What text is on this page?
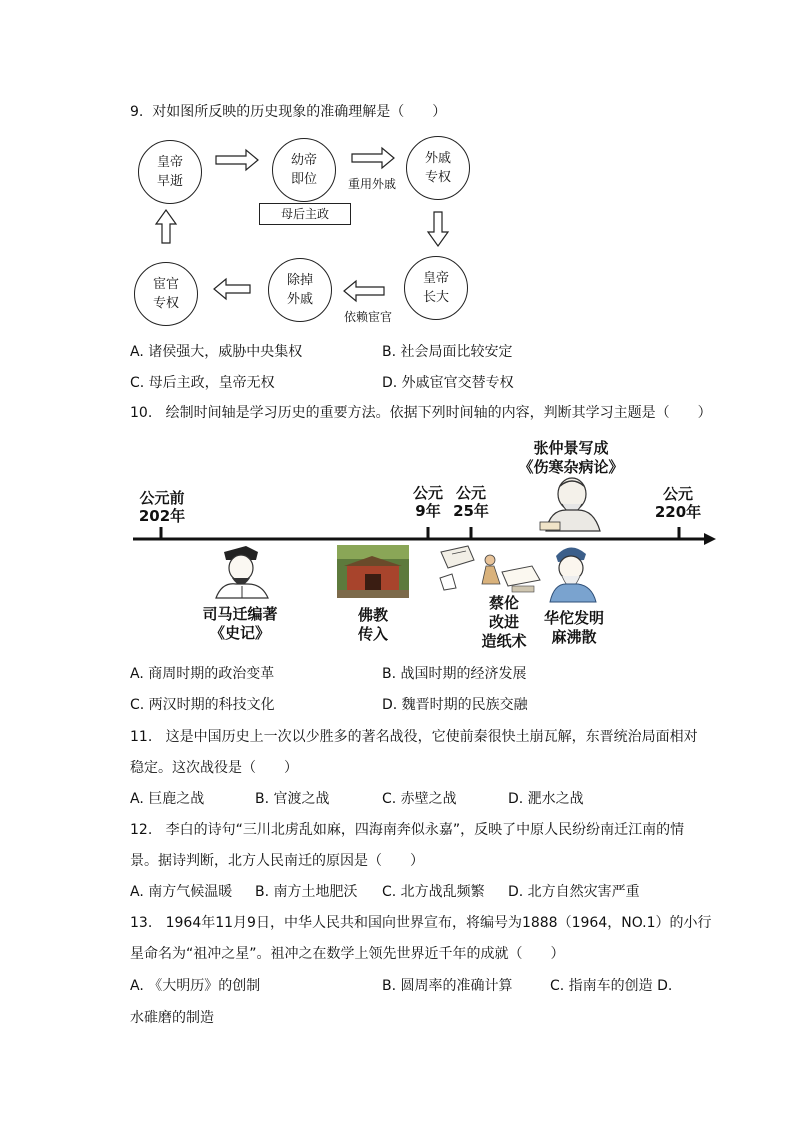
9.  对如图所反映的历史现象的准确理解是（　　）
皇帝
早逝
幼帝
即位
外戚
专权
皇帝
长大
除掉
外戚
宦官
专权
重用外戚
母后主政
依赖宦官
A. 诸侯强大，威胁中央集权	B. 社会局面比较安定
C. 母后主政，皇帝无权	D. 外戚宦官交替专权
10.   绘制时间轴是学习历史的重要方法。依据下列时间轴的内容，判断其学习主题是（　　）
公元前
202年
公元
9年
公元
25年
公元
220年
张仲景写成
《伤寒杂病论》
司马迁编著
《史记》
佛教
传入
蔡伦
改进
造纸术
华佗发明
麻沸散
A. 商周时期的政治变革	B. 战国时期的经济发展
C. 两汉时期的科技文化	D. 魏晋时期的民族交融
11.   这是中国历史上一次以少胜多的著名战役，它使前秦很快土崩瓦解，东晋统治局面相对
稳定。这次战役是（　　）
A. 巨鹿之战	B. 官渡之战	C. 赤壁之战	D. 淝水之战
12.   李白的诗句“三川北虏乱如麻，四海南奔似永嘉”，反映了中原人民纷纷南迁江南的情
景。据诗判断，北方人民南迁的原因是（　　）
A. 南方气候温暖 B. 南方土地肥沃 C. 北方战乱频繁 D. 北方自然灾害严重
13.   1964年11月9日，中华人民共和国向世界宣布，将编号为1888（1964，NO.1）的小行
星命名为“祖冲之星”。祖冲之在数学上领先世界近千年的成就（　　）
A. 《大明历》的创制	B. 圆周率的准确计算	C. 指南车的创造 D.
水碓磨的制造
